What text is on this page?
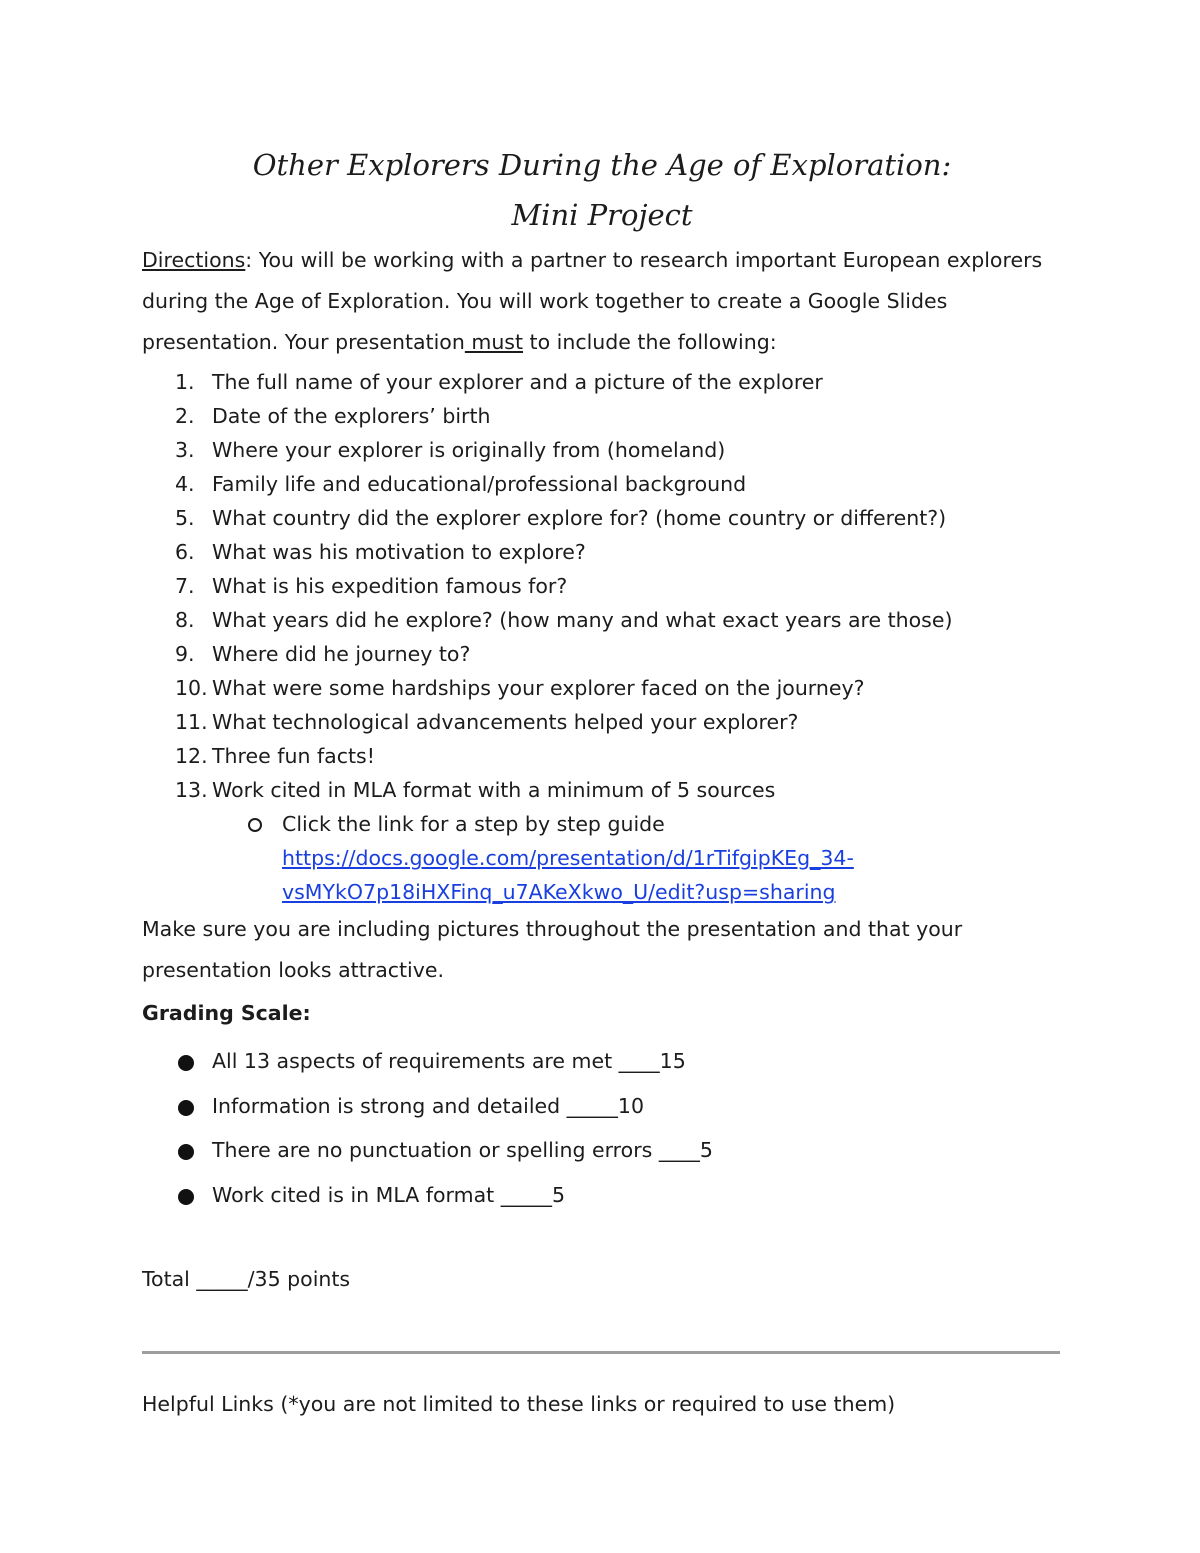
Other Explorers During the Age of Exploration:
Mini Project

Directions: You will be working with a partner to research important European explorers during the Age of Exploration. You will work together to create a Google Slides presentation. Your presentation must to include the following:

1. The full name of your explorer and a picture of the explorer
2. Date of the explorers’ birth
3. Where your explorer is originally from (homeland)
4. Family life and educational/professional background
5. What country did the explorer explore for? (home country or different?)
6. What was his motivation to explore?
7. What is his expedition famous for?
8. What years did he explore? (how many and what exact years are those)
9. Where did he journey to?
10. What were some hardships your explorer faced on the journey?
11. What technological advancements helped your explorer?
12. Three fun facts!
13. Work cited in MLA format with a minimum of 5 sources
Click the link for a step by step guide
https://docs.google.com/presentation/d/1rTifgipKEg_34-
vsMYkO7p18iHXFinq_u7AKeXkwo_U/edit?usp=sharing

Make sure you are including pictures throughout the presentation and that your presentation looks attractive.

Grading Scale:
All 13 aspects of requirements are met ____15
Information is strong and detailed _____10
There are no punctuation or spelling errors ____5
Work cited is in MLA format _____5
Total _____/35 points
Helpful Links (*you are not limited to these links or required to use them)
